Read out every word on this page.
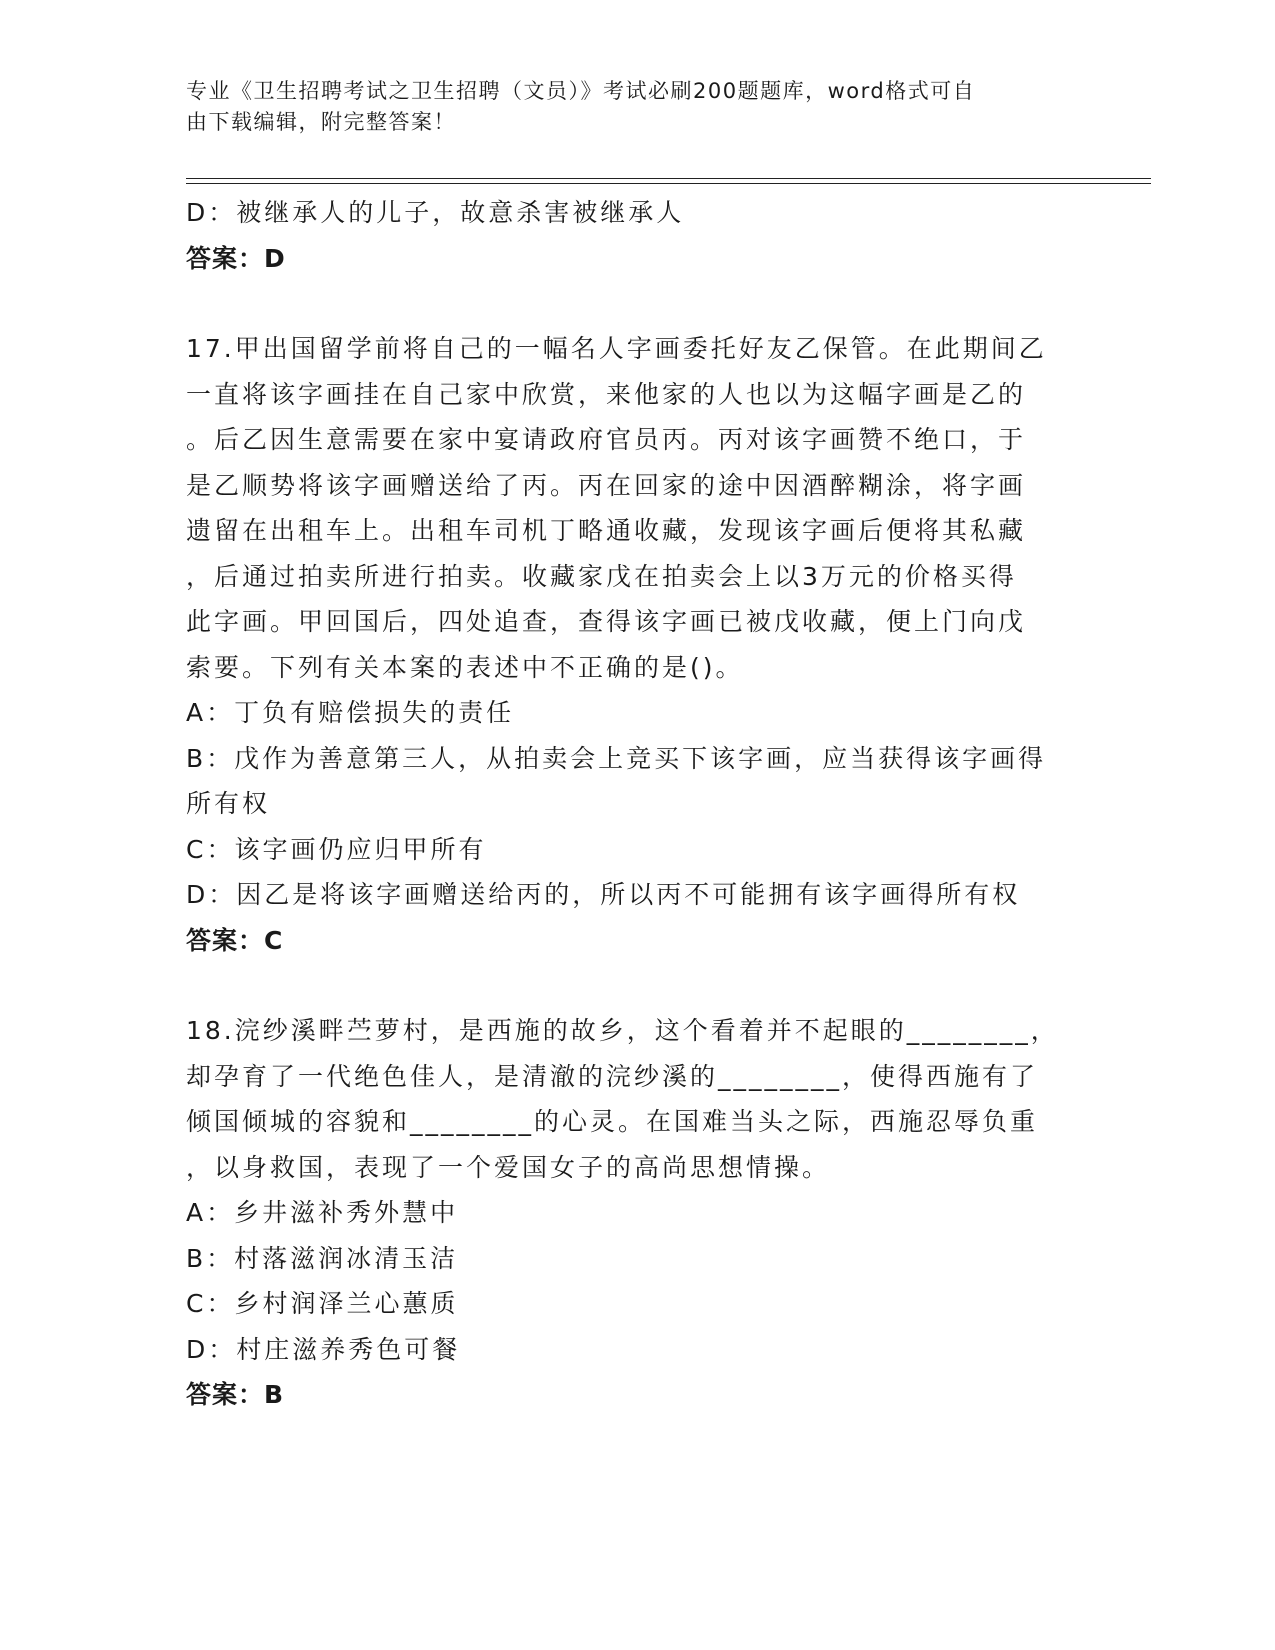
专业《卫生招聘考试之卫生招聘（文员）》考试必刷200题题库，word格式可自
由下载编辑，附完整答案！
D：被继承人的儿子，故意杀害被继承人
答案：D
17.甲出国留学前将自己的一幅名人字画委托好友乙保管。在此期间乙
一直将该字画挂在自己家中欣赏，来他家的人也以为这幅字画是乙的
。后乙因生意需要在家中宴请政府官员丙。丙对该字画赞不绝口，于
是乙顺势将该字画赠送给了丙。丙在回家的途中因酒醉糊涂，将字画
遗留在出租车上。出租车司机丁略通收藏，发现该字画后便将其私藏
，后通过拍卖所进行拍卖。收藏家戊在拍卖会上以3万元的价格买得
此字画。甲回国后，四处追查，查得该字画已被戊收藏，便上门向戊
索要。下列有关本案的表述中不正确的是()。
A：丁负有赔偿损失的责任
B：戊作为善意第三人，从拍卖会上竞买下该字画，应当获得该字画得
所有权
C：该字画仍应归甲所有
D：因乙是将该字画赠送给丙的，所以丙不可能拥有该字画得所有权
答案：C
18.浣纱溪畔苎萝村，是西施的故乡，这个看着并不起眼的________，
却孕育了一代绝色佳人，是清澈的浣纱溪的________，使得西施有了
倾国倾城的容貌和________的心灵。在国难当头之际，西施忍辱负重
，以身救国，表现了一个爱国女子的高尚思想情操。
A：乡井滋补秀外慧中
B：村落滋润冰清玉洁
C：乡村润泽兰心蕙质
D：村庄滋养秀色可餐
答案：B
